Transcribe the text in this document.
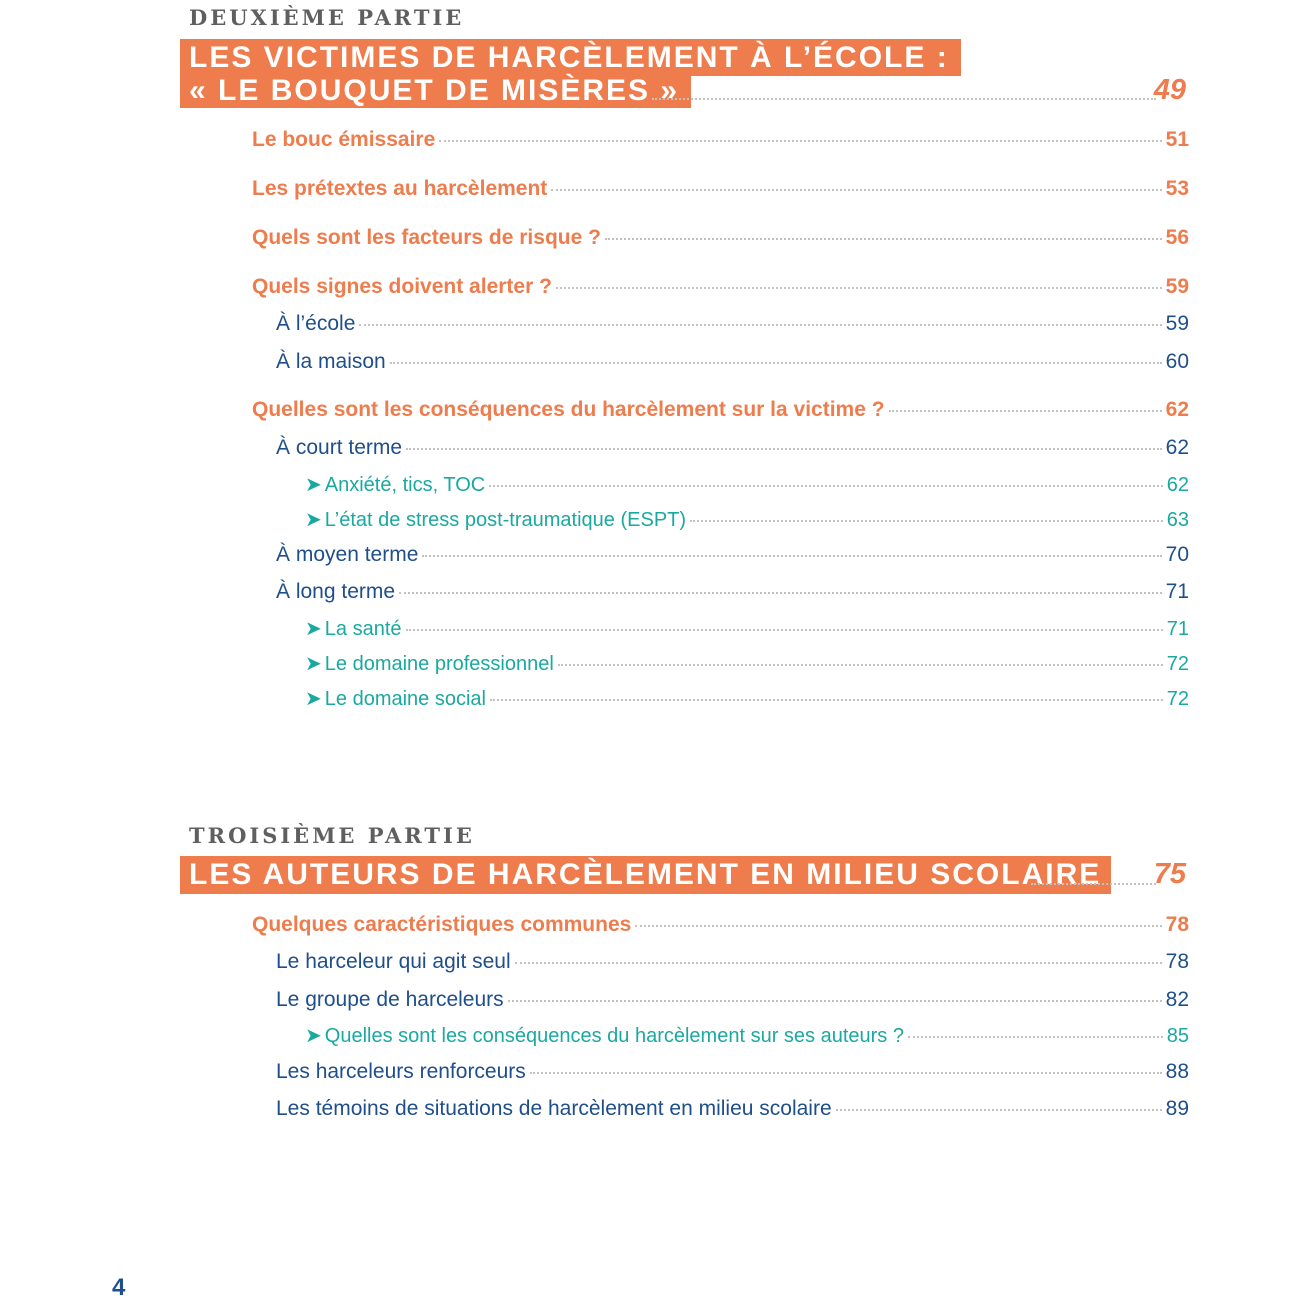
DEUXIÈME PARTIE
LES VICTIMES DE HARCÈLEMENT À L’ÉCOLE :
« LE BOUQUET DE MISÈRES »	49
Le bouc émissaire	51
Les prétextes au harcèlement	53
Quels sont les facteurs de risque ?	56
Quels signes doivent alerter ?	59
À l’école	59
À la maison	60
Quelles sont les conséquences du harcèlement sur la victime ?	62
À court terme	62
➤ Anxiété, tics, TOC	62
➤ L’état de stress post-traumatique (ESPT)	63
À moyen terme	70
À long terme	71
➤ La santé	71
➤ Le domaine professionnel	72
➤ Le domaine social	72
TROISIÈME PARTIE
LES AUTEURS DE HARCÈLEMENT EN MILIEU SCOLAIRE	75
Quelques caractéristiques communes	78
Le harceleur qui agit seul	78
Le groupe de harceleurs	82
➤ Quelles sont les conséquences du harcèlement sur ses auteurs ?	85
Les harceleurs renforceurs	88
Les témoins de situations de harcèlement en milieu scolaire	89
4
